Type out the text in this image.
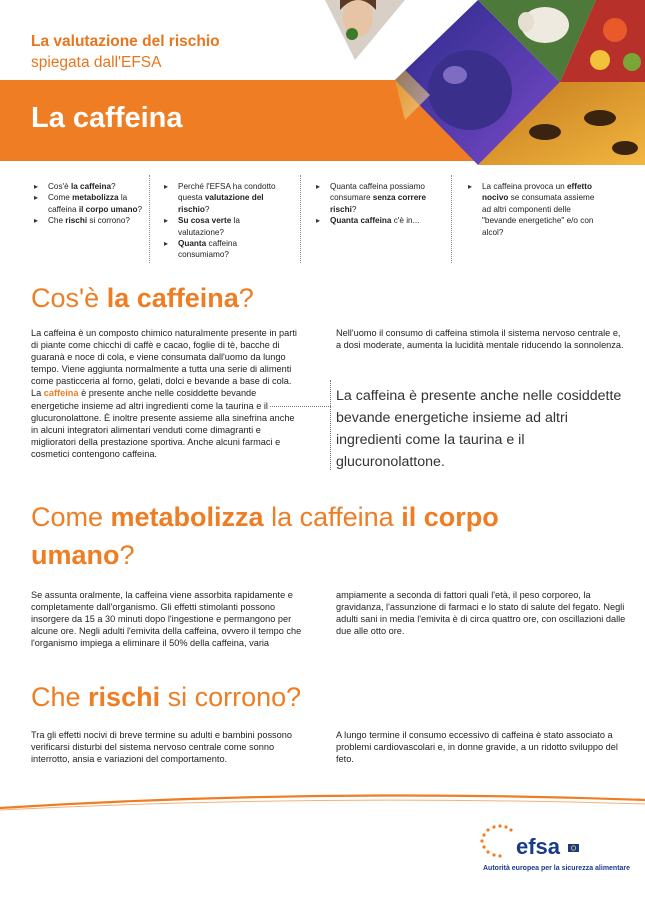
La valutazione del rischio
spiegata dall'EFSA
La caffeina
▸ Cos'è la caffeina?
▸ Come metabolizza la caffeina il corpo umano?
▸ Che rischi si corrono?
▸ Perché l'EFSA ha condotto questa valutazione del rischio?
▸ Su cosa verte la valutazione?
▸ Quanta caffeina consumiamo?
▸ Quanta caffeina possiamo consumare senza correre rischi?
▸ Quanta caffeina c'è in...
▸ La caffeina provoca un effetto nocivo se consumata assieme ad altri componenti delle "bevande energetiche" e/o con alcol?
Cos'è la caffeina?
La caffeina è un composto chimico naturalmente presente in parti di piante come chicchi di caffè e cacao, foglie di tè, bacche di guaranà e noce di cola, e viene consumata dall'uomo da lungo tempo. Viene aggiunta normalmente a tutta una serie di alimenti come pasticceria al forno, gelati, dolci e bevande a base di cola. La caffeina è presente anche nelle cosiddette bevande energetiche insieme ad altri ingredienti come la taurina e il glucuronolattone. È inoltre presente assieme alla sinefrina anche in alcuni integratori alimentari venduti come dimagranti e miglioratori della prestazione sportiva. Anche alcuni farmaci e cosmetici contengono caffeina.
Nell'uomo il consumo di caffeina stimola il sistema nervoso centrale e, a dosi moderate, aumenta la lucidità mentale riducendo la sonnolenza.
La caffeina è presente anche nelle cosiddette bevande energetiche insieme ad altri ingredienti come la taurina e il glucuronolattone.
Come metabolizza la caffeina il corpo umano?
Se assunta oralmente, la caffeina viene assorbita rapidamente e completamente dall'organismo. Gli effetti stimolanti possono insorgere da 15 a 30 minuti dopo l'ingestione e permangono per alcune ore. Negli adulti l'emivita della caffeina, ovvero il tempo che l'organismo impiega a eliminare il 50% della caffeina, varia
ampiamente a seconda di fattori quali l'età, il peso corporeo, la gravidanza, l'assunzione di farmaci e lo stato di salute del fegato. Negli adulti sani in media l'emivita è di circa quattro ore, con oscillazioni dalle due alle otto ore.
Che rischi si corrono?
Tra gli effetti nocivi di breve termine su adulti e bambini possono verificarsi disturbi del sistema nervoso centrale come sonno interrotto, ansia e variazioni del comportamento.
A lungo termine il consumo eccessivo di caffeina è stato associato a problemi cardiovascolari e, in donne gravide, a un ridotto sviluppo del feto.
efsa
Autorità europea per la sicurezza alimentare
